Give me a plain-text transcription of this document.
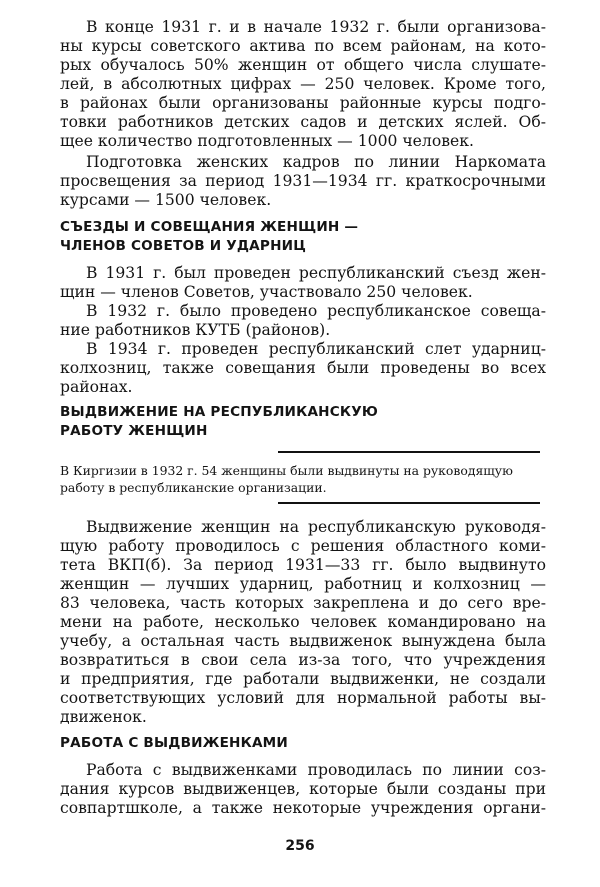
В конце 1931 г. и в начале 1932 г. были организова-
ны курсы советского актива по всем районам, на кото-
рых обучалось 50% женщин от общего числа слушате-
лей, в абсолютных цифрах — 250 человек. Кроме того,
в районах были организованы районные курсы подго-
товки работников детских садов и детских яслей. Об-
щее количество подготовленных — 1000 человек.

Подготовка женских кадров по линии Наркомата
просвещения за период 1931—1934 гг. краткосрочными
курсами — 1500 человек.

СЪЕЗДЫ И СОВЕЩАНИЯ ЖЕНЩИН —
ЧЛЕНОВ СОВЕТОВ И УДАРНИЦ

В 1931 г. был проведен республиканский съезд жен-
щин — членов Советов, участвовало 250 человек.

В 1932 г. было проведено республиканское совеща-
ние работников КУТБ (районов).

В 1934 г. проведен республиканский слет ударниц-
колхозниц, также совещания были проведены во всех
районах.

ВЫДВИЖЕНИЕ НА РЕСПУБЛИКАНСКУЮ
РАБОТУ ЖЕНЩИН

В Киргизии в 1932 г. 54 женщины были выдвинуты на руководящую
работу в республиканские организации.

Выдвижение женщин на республиканскую руководя-
щую работу проводилось с решения областного коми-
тета ВКП(б). За период 1931—33 гг. было выдвинуто
женщин — лучших ударниц, работниц и колхозниц —
83 человека, часть которых закреплена и до сего вре-
мени на работе, несколько человек командировано на
учебу, а остальная часть выдвиженок вынуждена была
возвратиться в свои села из-за того, что учреждения
и предприятия, где работали выдвиженки, не создали
соответствующих условий для нормальной работы вы-
движенок.

РАБОТА С ВЫДВИЖЕНКАМИ

Работа с выдвиженками проводилась по линии соз-
дания курсов выдвиженцев, которые были созданы при
совпартшколе, а также некоторые учреждения органи-

256
